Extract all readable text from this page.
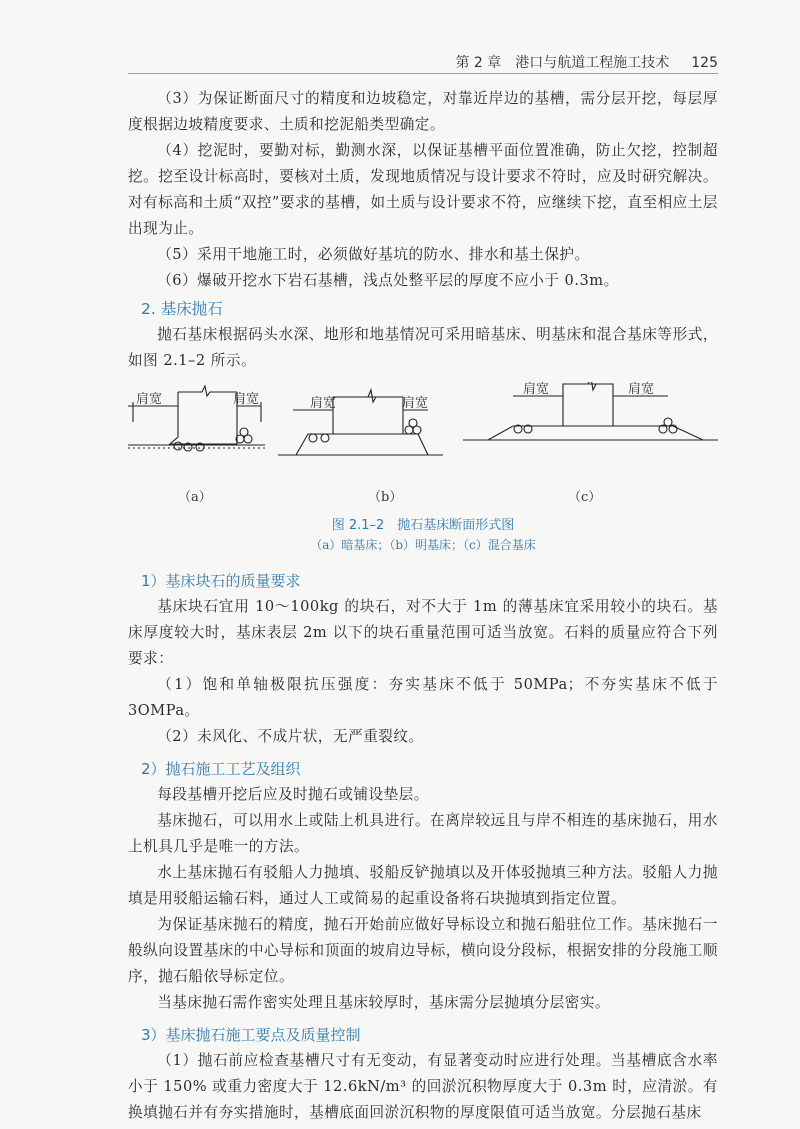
第 2 章　港口与航道工程施工技术 125

（3）为保证断面尺寸的精度和边坡稳定，对靠近岸边的基槽，需分层开挖，每层厚度根据边坡精度要求、土质和挖泥船类型确定。

（4）挖泥时，要勤对标，勤测水深，以保证基槽平面位置准确，防止欠挖，控制超挖。挖至设计标高时，要核对土质，发现地质情况与设计要求不符时，应及时研究解决。对有标高和土质“双控”要求的基槽，如土质与设计要求不符，应继续下挖，直至相应土层出现为止。

（5）采用干地施工时，必须做好基坑的防水、排水和基土保护。

（6）爆破开挖水下岩石基槽，浅点处整平层的厚度不应小于 0.3m。

2. 基床抛石

抛石基床根据码头水深、地形和地基情况可采用暗基床、明基床和混合基床等形式，如图 2.1–2 所示。

肩宽	肩宽	肩宽	肩宽
肩宽	肩宽
（a）	（b）	（c）
图 2.1–2　抛石基床断面形式图
（a）暗基床；（b）明基床；（c）混合基床
1）基床块石的质量要求

基床块石宜用 10～100kg 的块石，对不大于 1m 的薄基床宜采用较小的块石。基床厚度较大时，基床表层 2m 以下的块石重量范围可适当放宽。石料的质量应符合下列要求：

（1）饱和单轴极限抗压强度：夯实基床不低于 50MPa；不夯实基床不低于 3OMPa。

（2）未风化、不成片状，无严重裂纹。

2）抛石施工工艺及组织

每段基槽开挖后应及时抛石或铺设垫层。

基床抛石，可以用水上或陆上机具进行。在离岸较远且与岸不相连的基床抛石，用水上机具几乎是唯一的方法。

水上基床抛石有驳船人力抛填、驳船反铲抛填以及开体驳抛填三种方法。驳船人力抛填是用驳船运输石料，通过人工或简易的起重设备将石块抛填到指定位置。

为保证基床抛石的精度，抛石开始前应做好导标设立和抛石船驻位工作。基床抛石一般纵向设置基床的中心导标和顶面的坡肩边导标，横向设分段标，根据安排的分段施工顺序，抛石船依导标定位。

当基床抛石需作密实处理且基床较厚时，基床需分层抛填分层密实。

3）基床抛石施工要点及质量控制

（1）抛石前应检查基槽尺寸有无变动，有显著变动时应进行处理。当基槽底含水率小于 150% 或重力密度大于 12.6kN/m³ 的回淤沉积物厚度大于 0.3m 时，应清淤。有换填抛石并有夯实措施时，基槽底面回淤沉积物的厚度限值可适当放宽。分层抛石基床
